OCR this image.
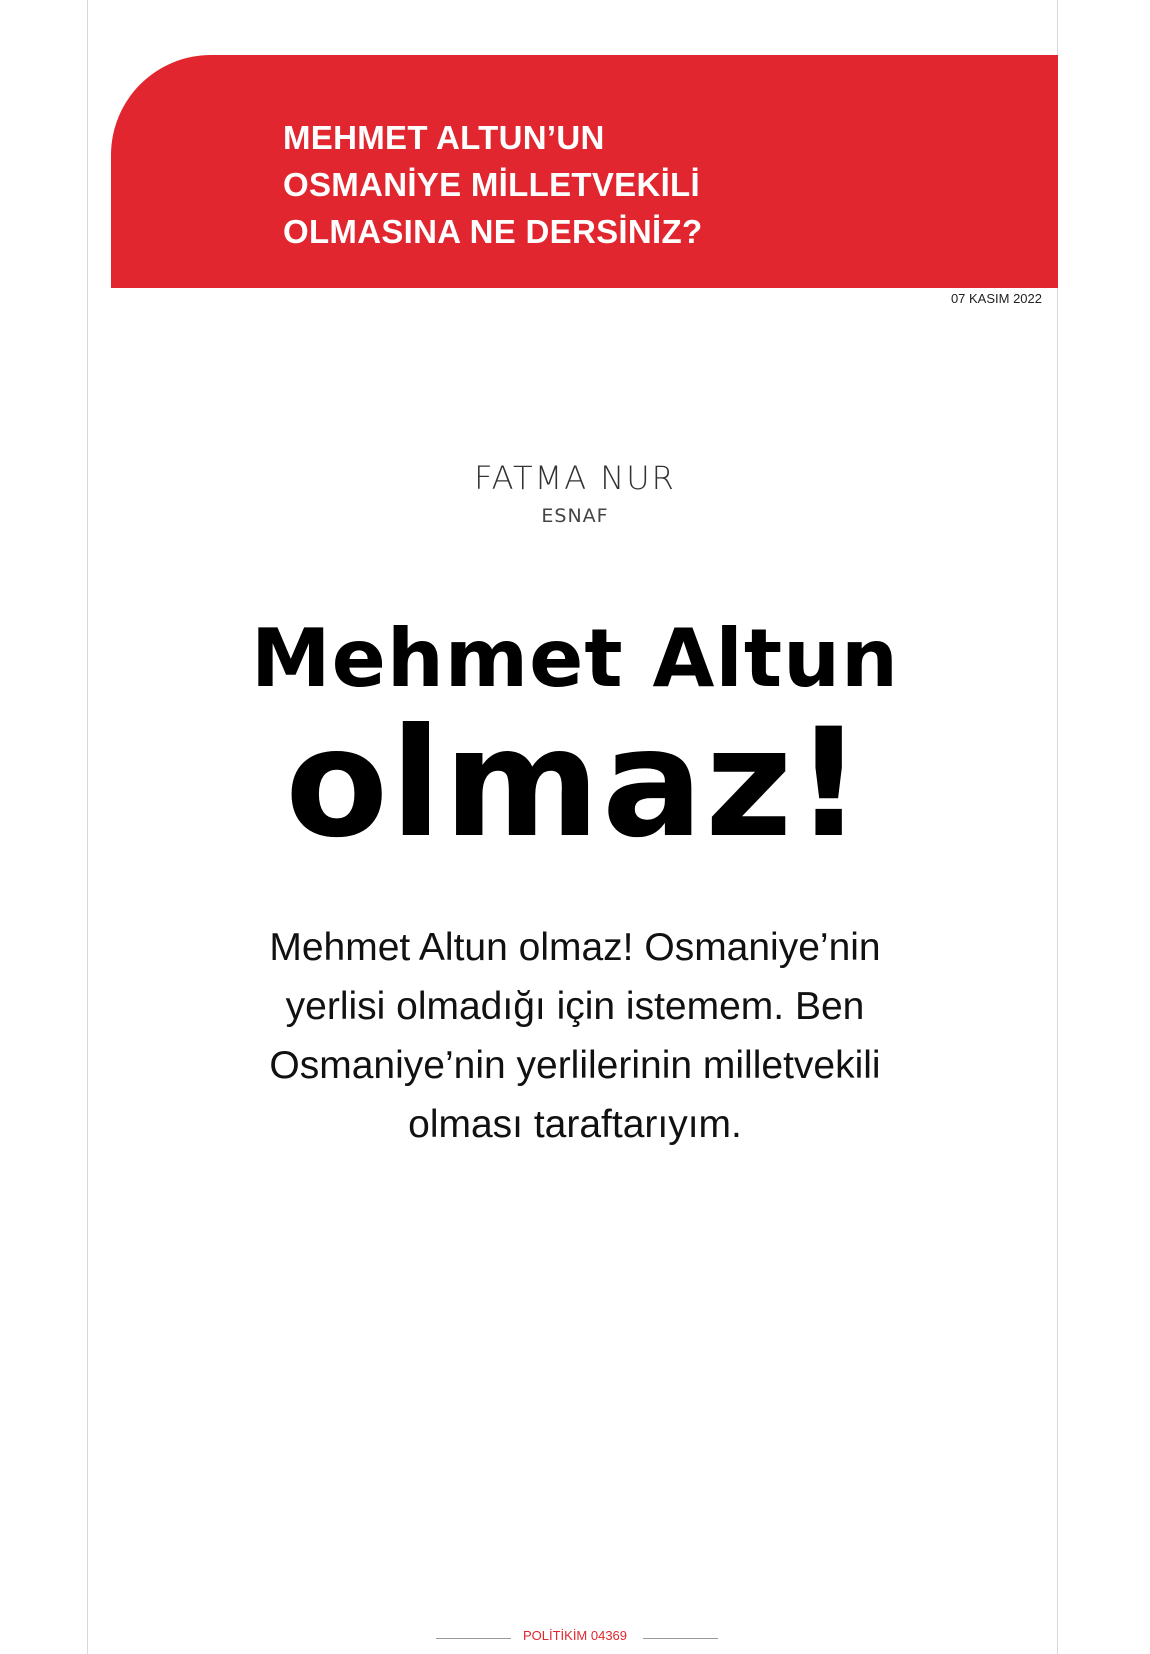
MEHMET ALTUN’UN
OSMANİYE MİLLETVEKİLİ
OLMASINA NE DERSİNİZ?
07 KASIM 2022
FATMA NUR
ESNAF
Mehmet Altun
olmaz!

Mehmet Altun olmaz! Osmaniye’nin
yerlisi olmadığı için istemem. Ben
Osmaniye’nin yerlilerinin milletvekili
olması taraftarıyım.

POLİTİKİM 04369
